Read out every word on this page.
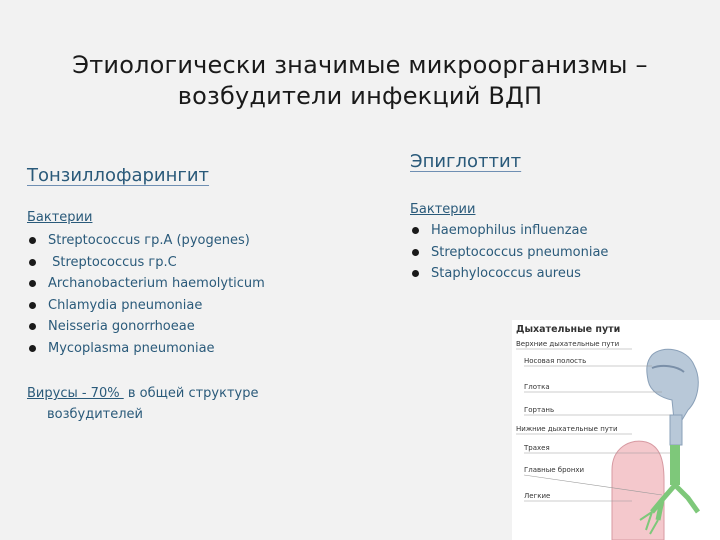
Этиологически значимые микроорганизмы –
возбудители инфекций ВДП
Тонзиллофарингит
Бактерии
Streptococcus гр.A (pyogenes)
Streptococcus гр.C
Archanobacterium haemolyticum
Chlamydia pneumoniae
Neisseria gonorrhoeae
Mycoplasma pneumoniae
Вирусы - 70%  в общей структуре
возбудителей
Эпиглоттит
Бактерии
Haemophilus influenzae
Streptococcus pneumoniae
Staphylococcus aureus
Дыхательные пути
Верхние дыхательные пути
Носовая полость
Глотка
Гортань
Нижние дыхательные пути
Трахея
Главные бронхи
Легкие
